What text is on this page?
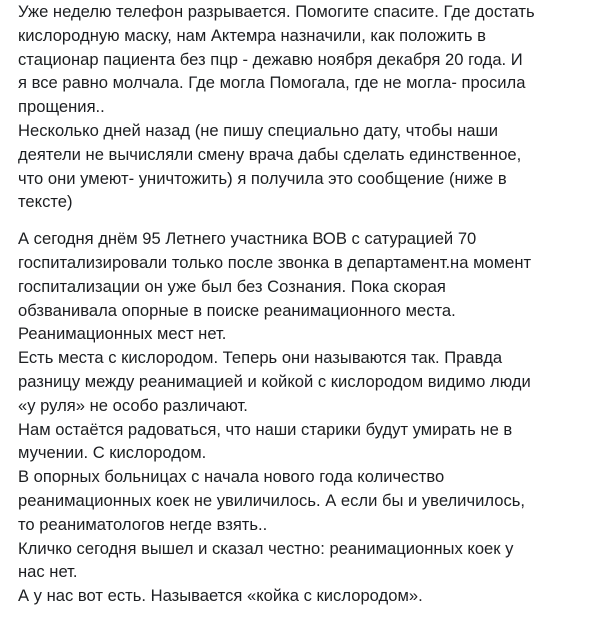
Уже неделю телефон разрывается. Помогите спасите. Где достать
кислородную маску, нам Актемра назначили, как положить в
стационар пациента без пцр - дежавю ноября декабря 20 года. И
я все равно молчала. Где могла Помогала, где не могла- просила
прощения..
Несколько дней назад (не пишу специально дату, чтобы наши
деятели не вычисляли смену врача дабы сделать единственное,
что они умеют- уничтожить) я получила это сообщение (ниже в
тексте)
А сегодня днём 95 Летнего участника ВОВ с сатурацией 70
госпитализировали только после звонка в департамент.на момент
госпитализации он уже был без Сознания. Пока скорая
обзванивала опорные в поиске реанимационного места.
Реанимационных мест нет.
Есть места с кислородом. Теперь они называются так. Правда
разницу между реанимацией и койкой с кислородом видимо люди
«у руля» не особо различают.
Нам остаётся радоваться, что наши старики будут умирать не в
мучении. С кислородом.
В опорных больницах с начала нового года количество
реанимационных коек не увиличилось. А если бы и увеличилось,
то реаниматологов негде взять..
Кличко сегодня вышел и сказал честно: реанимационных коек у
нас нет.
А у нас вот есть. Называется «койка с кислородом».
